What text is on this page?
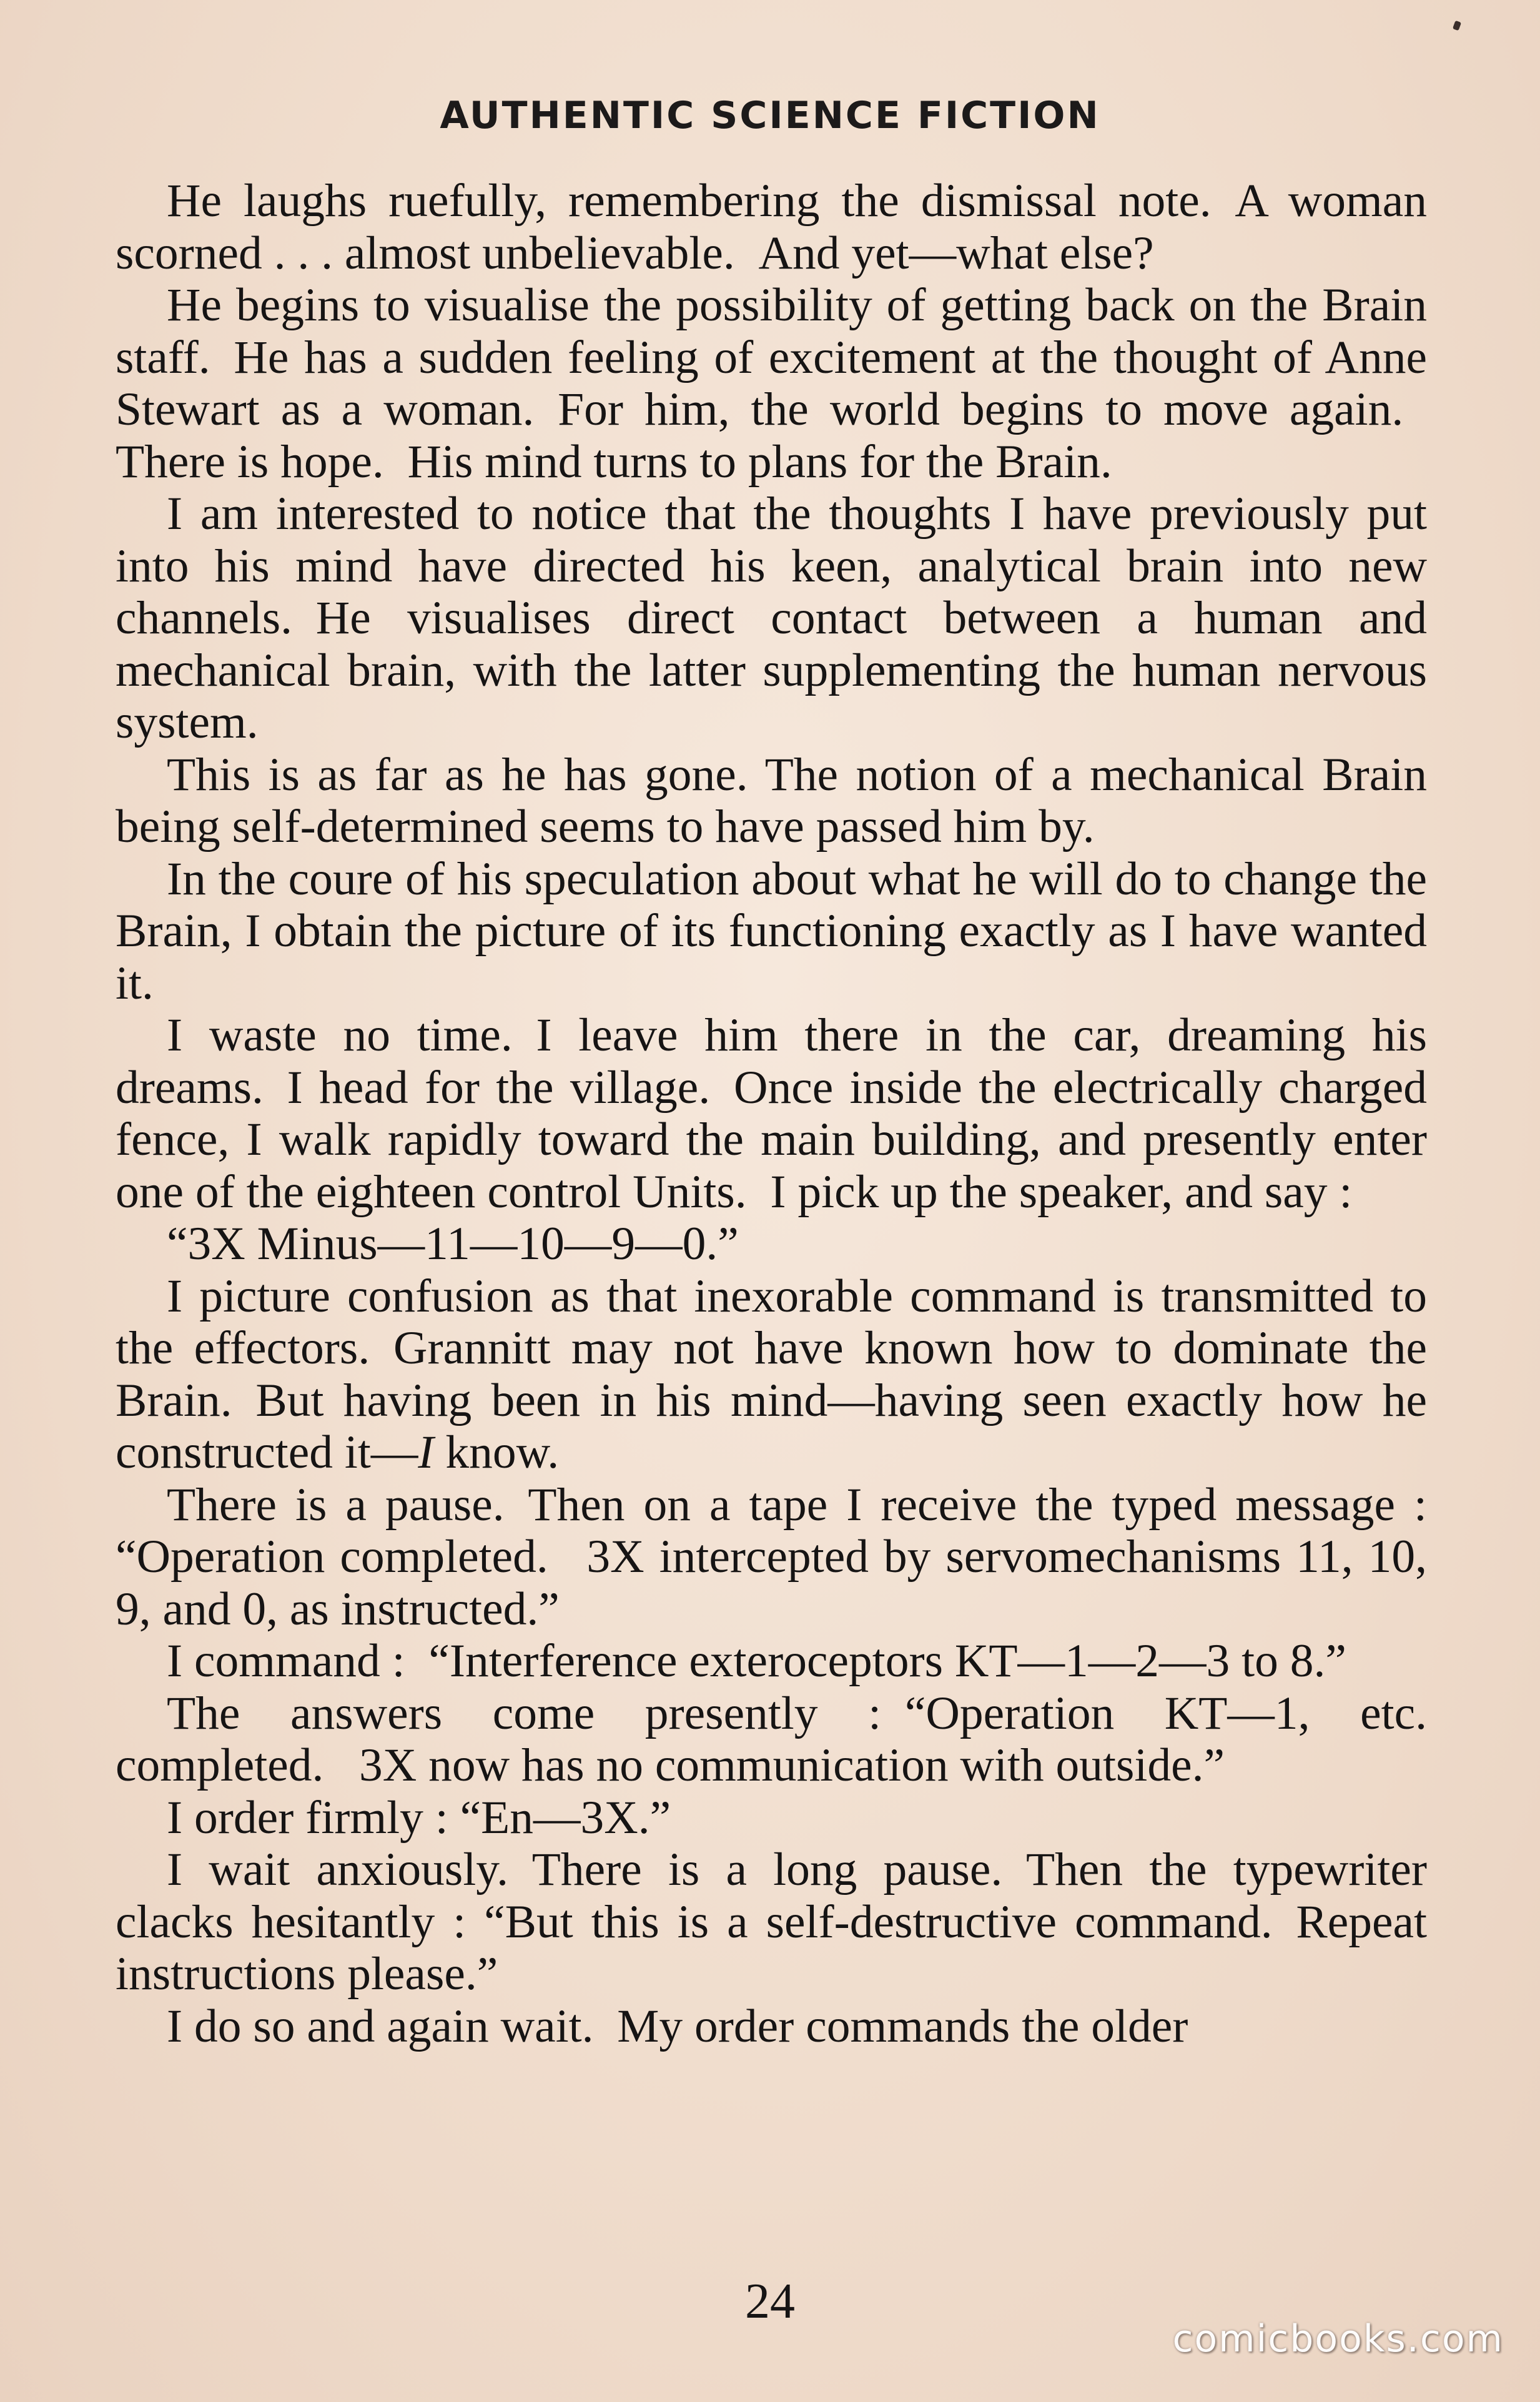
AUTHENTIC SCIENCE FICTION

He laughs ruefully, remembering the dismissal note. A woman scorned . . . almost unbelievable. And yet—what else?

He begins to visualise the possibility of getting back on the Brain staff. He has a sudden feeling of excitement at the thought of Anne Stewart as a woman. For him, the world begins to move again. There is hope. His mind turns to plans for the Brain.

I am interested to notice that the thoughts I have previously put into his mind have directed his keen, analytical brain into new channels. He visualises direct contact between a human and mechanical brain, with the latter supplementing the human nervous system.

This is as far as he has gone. The notion of a mechanical Brain being self-determined seems to have passed him by.

In the coure of his speculation about what he will do to change the Brain, I obtain the picture of its functioning exactly as I have wanted it.

I waste no time. I leave him there in the car, dreaming his dreams. I head for the village. Once inside the electrically charged fence, I walk rapidly toward the main building, and presently enter one of the eighteen control Units. I pick up the speaker, and say :

“3X Minus—11—10—9—0.”

I picture confusion as that inexorable command is transmitted to the effectors. Grannitt may not have known how to dominate the Brain. But having been in his mind—having seen exactly how he constructed it—I know.

There is a pause. Then on a tape I receive the typed message : “Operation completed.  3X intercepted by servomechanisms 11, 10, 9, and 0, as instructed.”

I command : “Interference exteroceptors KT—1—2—3 to 8.”

The answers come presently : “Operation KT—1, etc. completed.  3X now has no communication with outside.”

I order firmly : “En—3X.”

I wait anxiously. There is a long pause. Then the typewriter clacks hesitantly : “But this is a self-destructive command. Repeat instructions please.”

I do so and again wait. My order commands the older

24
comicbooks.com
